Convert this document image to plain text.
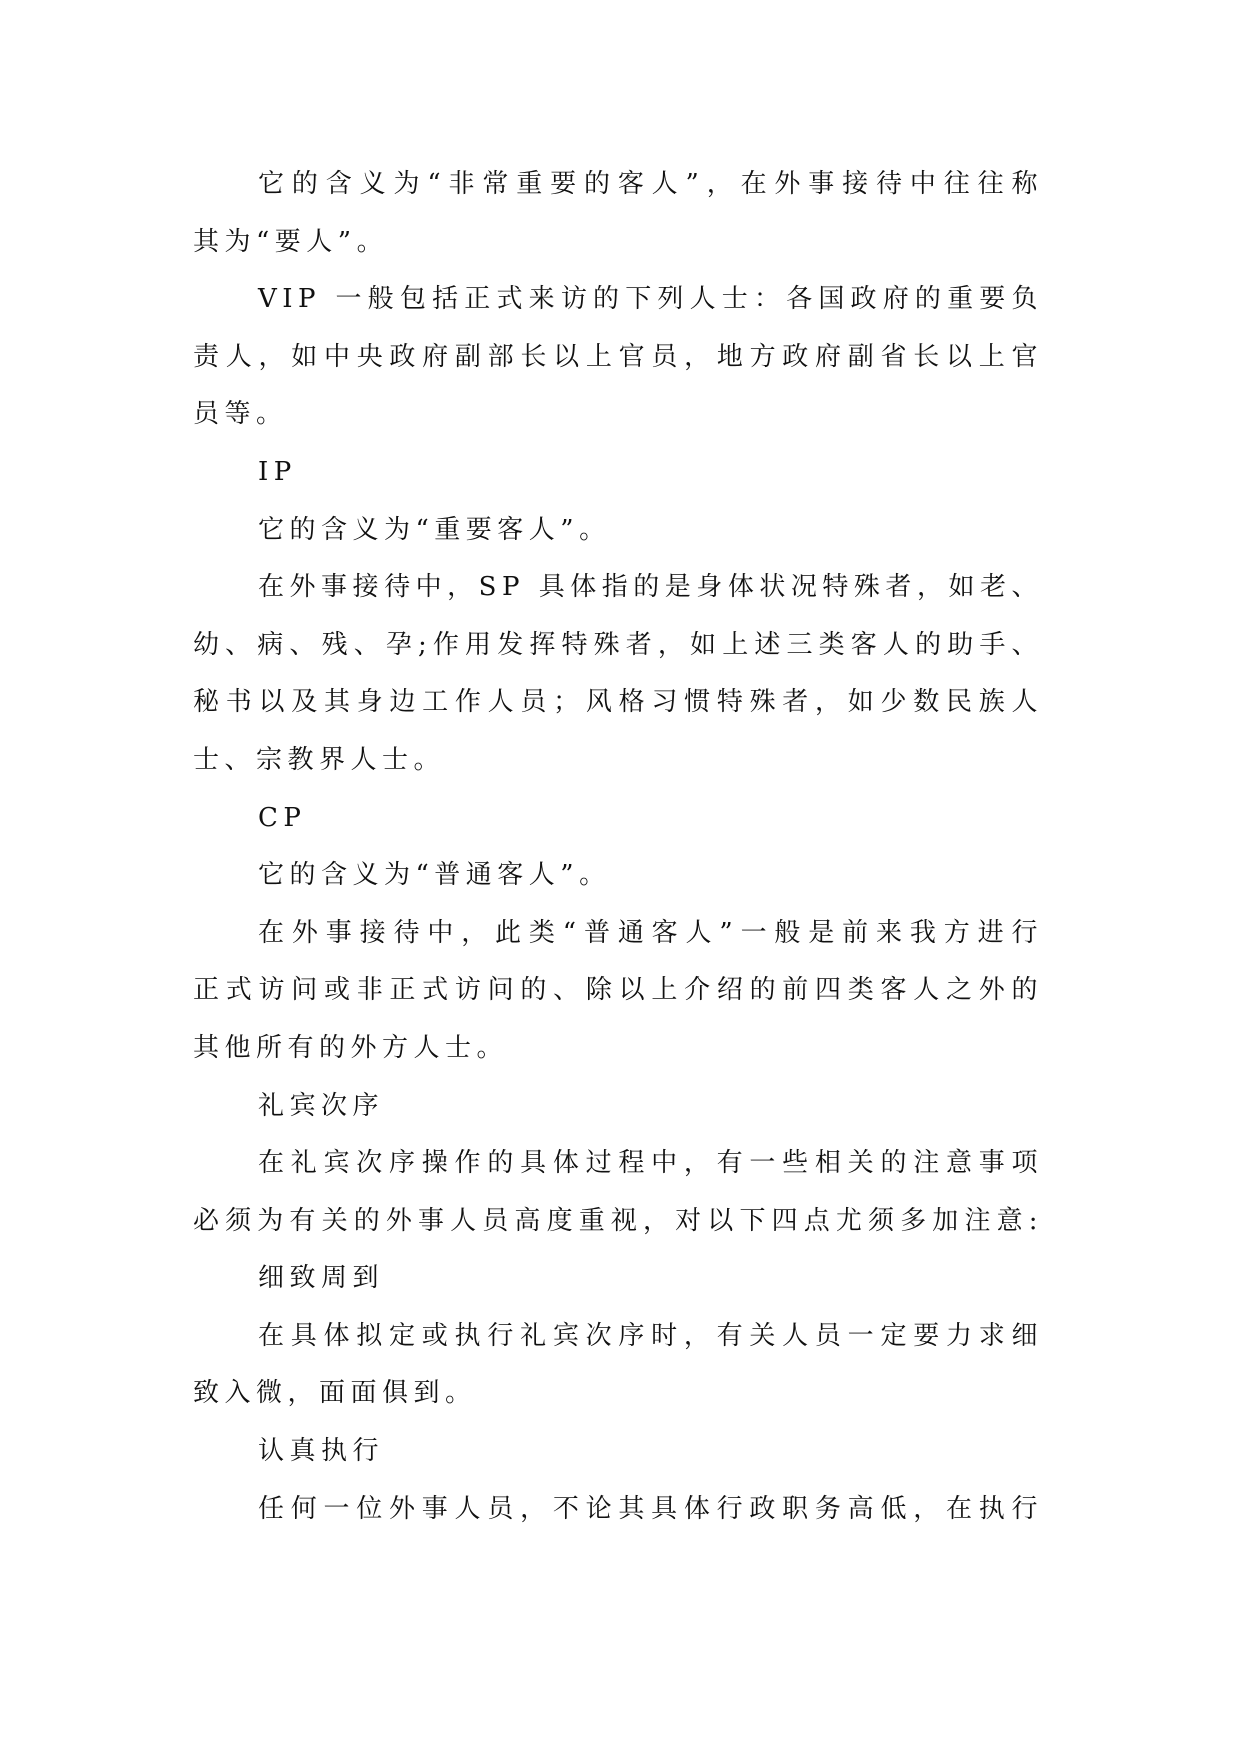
它的含义为“非常重要的客人”，在外事接待中往往称
其为“要人”。
VIP 一般包括正式来访的下列人士：各国政府的重要负
责人，如中央政府副部长以上官员，地方政府副省长以上官
员等。
IP
它的含义为“重要客人”。
在外事接待中，SP 具体指的是身体状况特殊者，如老、
幼、病、残、孕;作用发挥特殊者，如上述三类客人的助手、
秘书以及其身边工作人员；风格习惯特殊者，如少数民族人
士、宗教界人士。
CP
它的含义为“普通客人”。
在外事接待中，此类“普通客人”一般是前来我方进行
正式访问或非正式访问的、除以上介绍的前四类客人之外的
其他所有的外方人士。
礼宾次序
在礼宾次序操作的具体过程中，有一些相关的注意事项
必须为有关的外事人员高度重视，对以下四点尤须多加注意:
细致周到
在具体拟定或执行礼宾次序时，有关人员一定要力求细
致入微，面面俱到。
认真执行
任何一位外事人员，不论其具体行政职务高低，在执行
